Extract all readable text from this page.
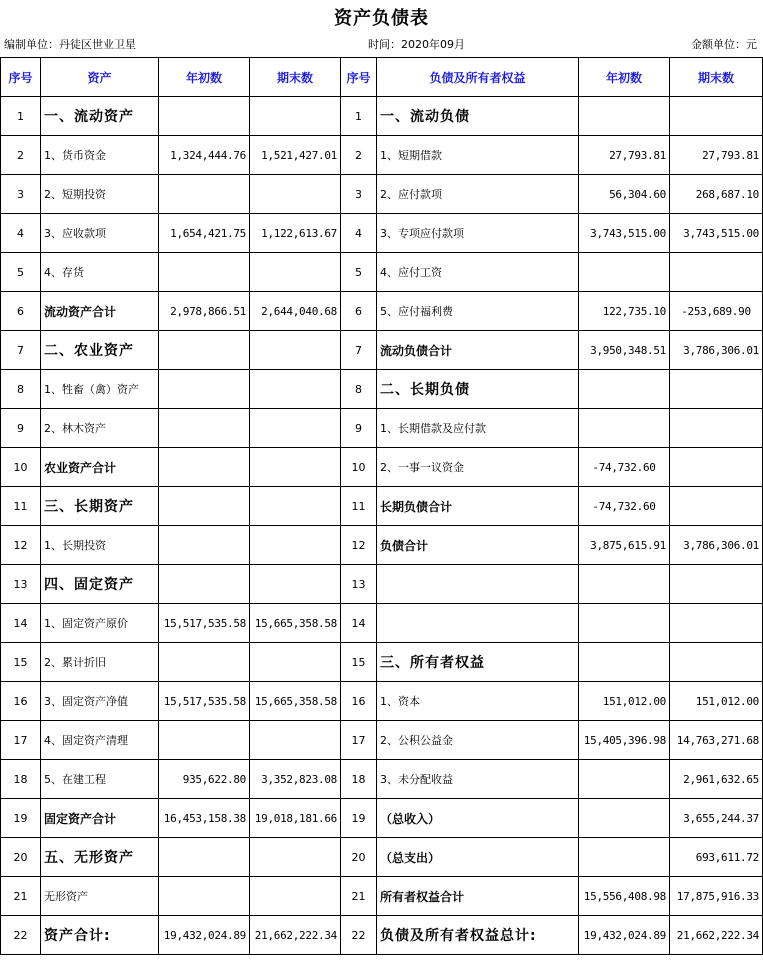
资产负债表
编制单位：丹徒区世业卫星	时间：2020年09月	金额单位：元
序号	资产	年初数	期末数	序号	负债及所有者权益	年初数	期末数
1	一、流动资产			1	一、流动负债		
2	1、货币资金	1,324,444.76	1,521,427.01	2	1、短期借款	27,793.81	27,793.81
3	2、短期投资			3	2、应付款项	56,304.60	268,687.10
4	3、应收款项	1,654,421.75	1,122,613.67	4	3、专项应付款项	3,743,515.00	3,743,515.00
5	4、存货			5	4、应付工资		
6	流动资产合计	2,978,866.51	2,644,040.68	6	5、应付福利费	122,735.10	-253,689.90
7	二、农业资产			7	流动负债合计	3,950,348.51	3,786,306.01
8	1、牲畜（禽）资产			8	二、长期负债		
9	2、林木资产			9	1、长期借款及应付款		
10	农业资产合计			10	2、一事一议资金	-74,732.60	
11	三、长期资产			11	长期负债合计	-74,732.60	
12	1、长期投资			12	负债合计	3,875,615.91	3,786,306.01
13	四、固定资产			13			
14	1、固定资产原价	15,517,535.58	15,665,358.58	14			
15	2、累计折旧			15	三、所有者权益		
16	3、固定资产净值	15,517,535.58	15,665,358.58	16	1、资本	151,012.00	151,012.00
17	4、固定资产清理			17	2、公积公益金	15,405,396.98	14,763,271.68
18	5、在建工程	935,622.80	3,352,823.08	18	3、未分配收益		2,961,632.65
19	固定资产合计	16,453,158.38	19,018,181.66	19	（总收入）		3,655,244.37
20	五、无形资产			20	（总支出）		693,611.72
21	无形资产			21	所有者权益合计	15,556,408.98	17,875,916.33
22	资产合计:	19,432,024.89	21,662,222.34	22	负债及所有者权益总计:	19,432,024.89	21,662,222.34
